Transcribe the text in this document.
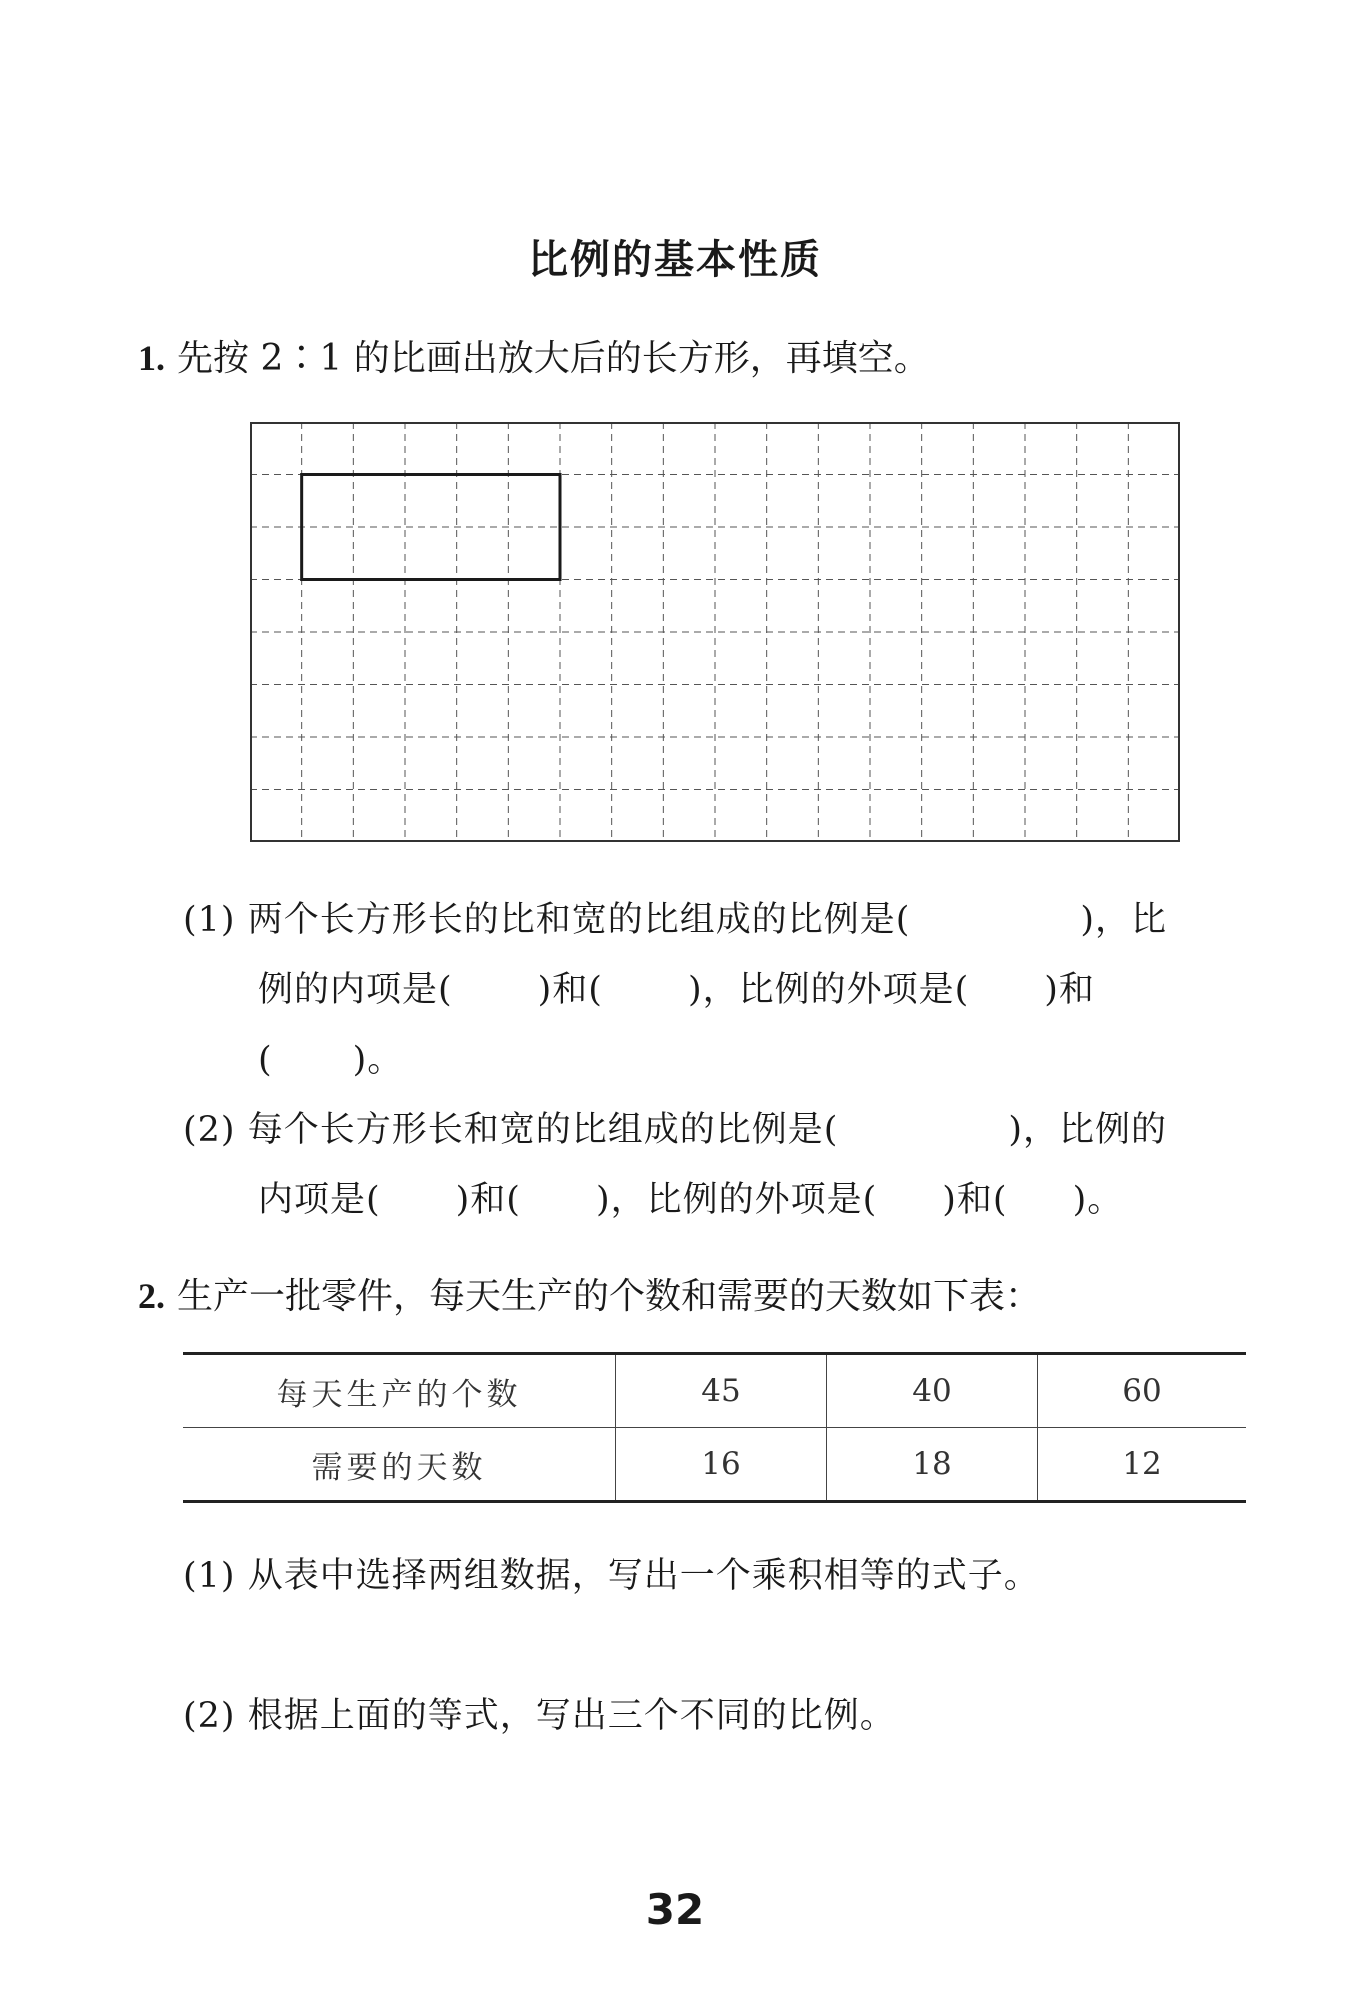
比例的基本性质
1. 先按 2∶1 的比画出放大后的长方形，再填空。
(1) 两个长方形长的比和宽的比组成的比例是(	)，比
例的内项是( )和( )，比例的外项是( )和
( )。
(2) 每个长方形长和宽的比组成的比例是(	)，比例的
内项是( )和( )，比例的外项是( )和( )。
2. 生产一批零件，每天生产的个数和需要的天数如下表：
每天生产的个数	45	40	60
需要的天数	16	18	12
(1) 从表中选择两组数据，写出一个乘积相等的式子。
(2) 根据上面的等式，写出三个不同的比例。
32
